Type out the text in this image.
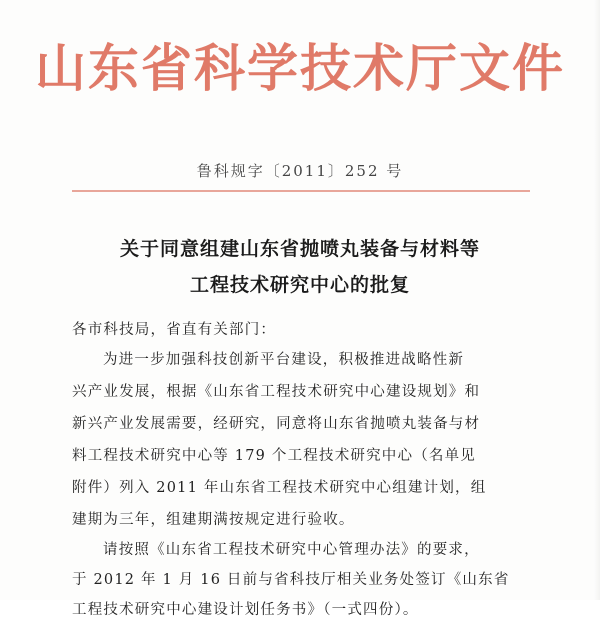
山东省科学技术厅文件
鲁科规字〔2011〕252 号
关于同意组建山东省抛喷丸装备与材料等
工程技术研究中心的批复
各市科技局，省直有关部门：
为进一步加强科技创新平台建设，积极推进战略性新
兴产业发展，根据《山东省工程技术研究中心建设规划》和
新兴产业发展需要，经研究，同意将山东省抛喷丸装备与材
料工程技术研究中心等 179 个工程技术研究中心（名单见
附件）列入 2011 年山东省工程技术研究中心组建计划，组
建期为三年，组建期满按规定进行验收。
请按照《山东省工程技术研究中心管理办法》的要求，
于 2012 年 1 月 16 日前与省科技厅相关业务处签订《山东省
工程技术研究中心建设计划任务书》（一式四份）。
